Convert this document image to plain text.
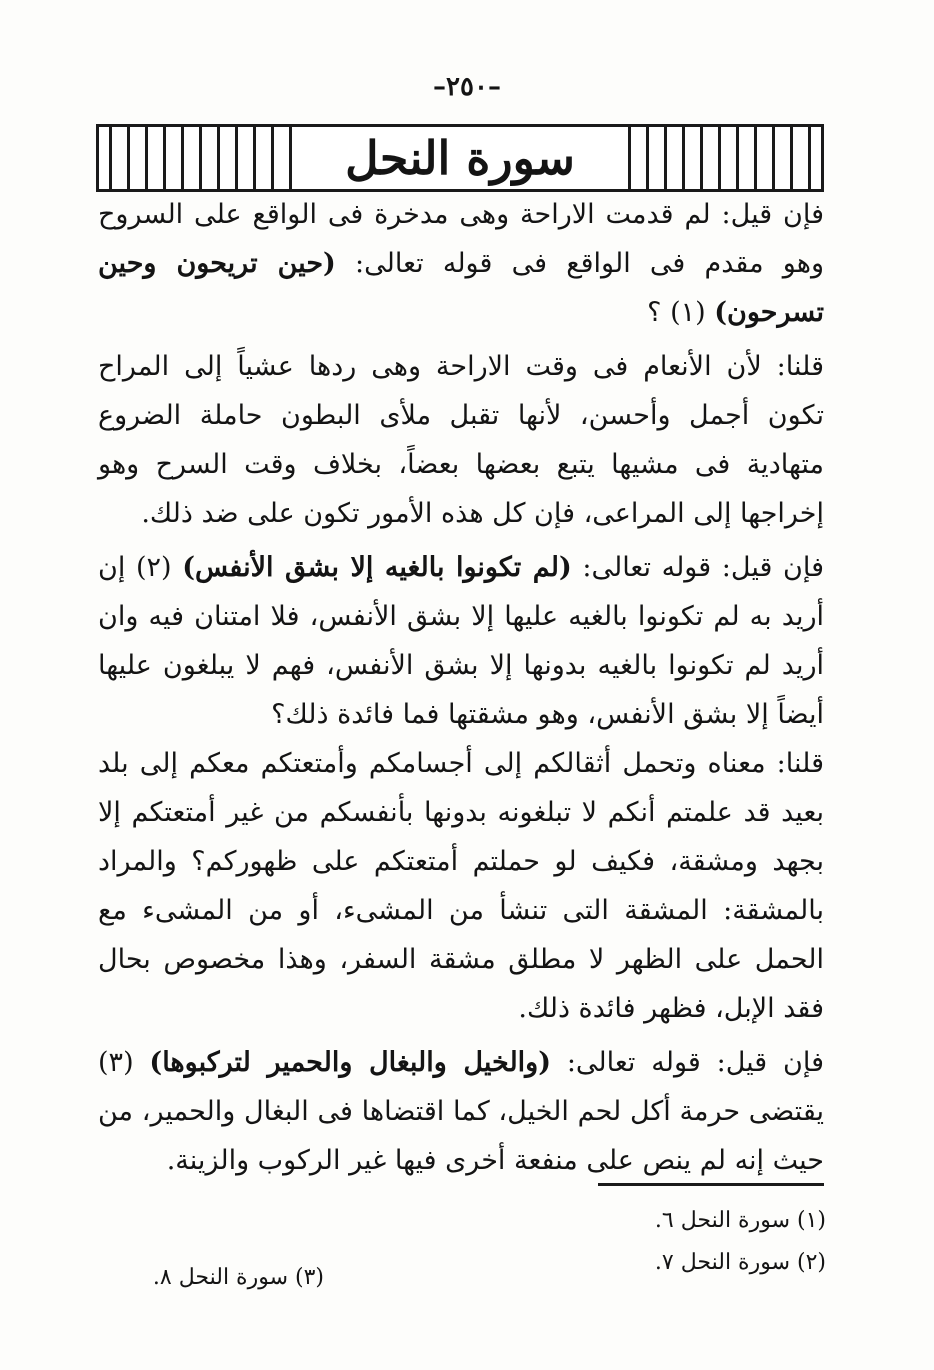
–٢٥٠–
سورة النحل

فإن قيل: لم قدمت الاراحة وهى مدخرة فى الواقع على السروح وهو مقدم فى الواقع فى قوله تعالى: (حين تريحون وحين تسرحون) (١) ؟

قلنا: لأن الأنعام فى وقت الاراحة وهى ردها عشياً إلى المراح تكون أجمل وأحسن، لأنها تقبل ملأى البطون حاملة الضروع متهادية فى مشيها يتبع بعضها بعضاً، بخلاف وقت السرح وهو إخراجها إلى المراعى، فإن كل هذه الأمور تكون على ضد ذلك.

فإن قيل: قوله تعالى: (لم تكونوا بالغيه إلا بشق الأنفس) (٢) إن أريد به لم تكونوا بالغيه عليها إلا بشق الأنفس، فلا امتنان فيه وان أريد لم تكونوا بالغيه بدونها إلا بشق الأنفس، فهم لا يبلغون عليها أيضاً إلا بشق الأنفس، وهو مشقتها فما فائدة ذلك؟

قلنا: معناه وتحمل أثقالكم إلى أجسامكم وأمتعتكم معكم إلى بلد بعيد قد علمتم أنكم لا تبلغونه بدونها بأنفسكم من غير أمتعتكم إلا بجهد ومشقة، فكيف لو حملتم أمتعتكم على ظهوركم؟ والمراد بالمشقة: المشقة التى تنشأ من المشىء، أو من المشىء مع الحمل على الظهر لا مطلق مشقة السفر، وهذا مخصوص بحال فقد الإبل، فظهر فائدة ذلك.

فإن قيل: قوله تعالى: (والخيل والبغال والحمير لتركبوها) (٣) يقتضى حرمة أكل لحم الخيل، كما اقتضاها فى البغال والحمير، من حيث إنه لم ينص على منفعة أخرى فيها غير الركوب والزينة.

(١) سورة النحل ٦.
(٢) سورة النحل ٧.
(٣) سورة النحل ٨.
